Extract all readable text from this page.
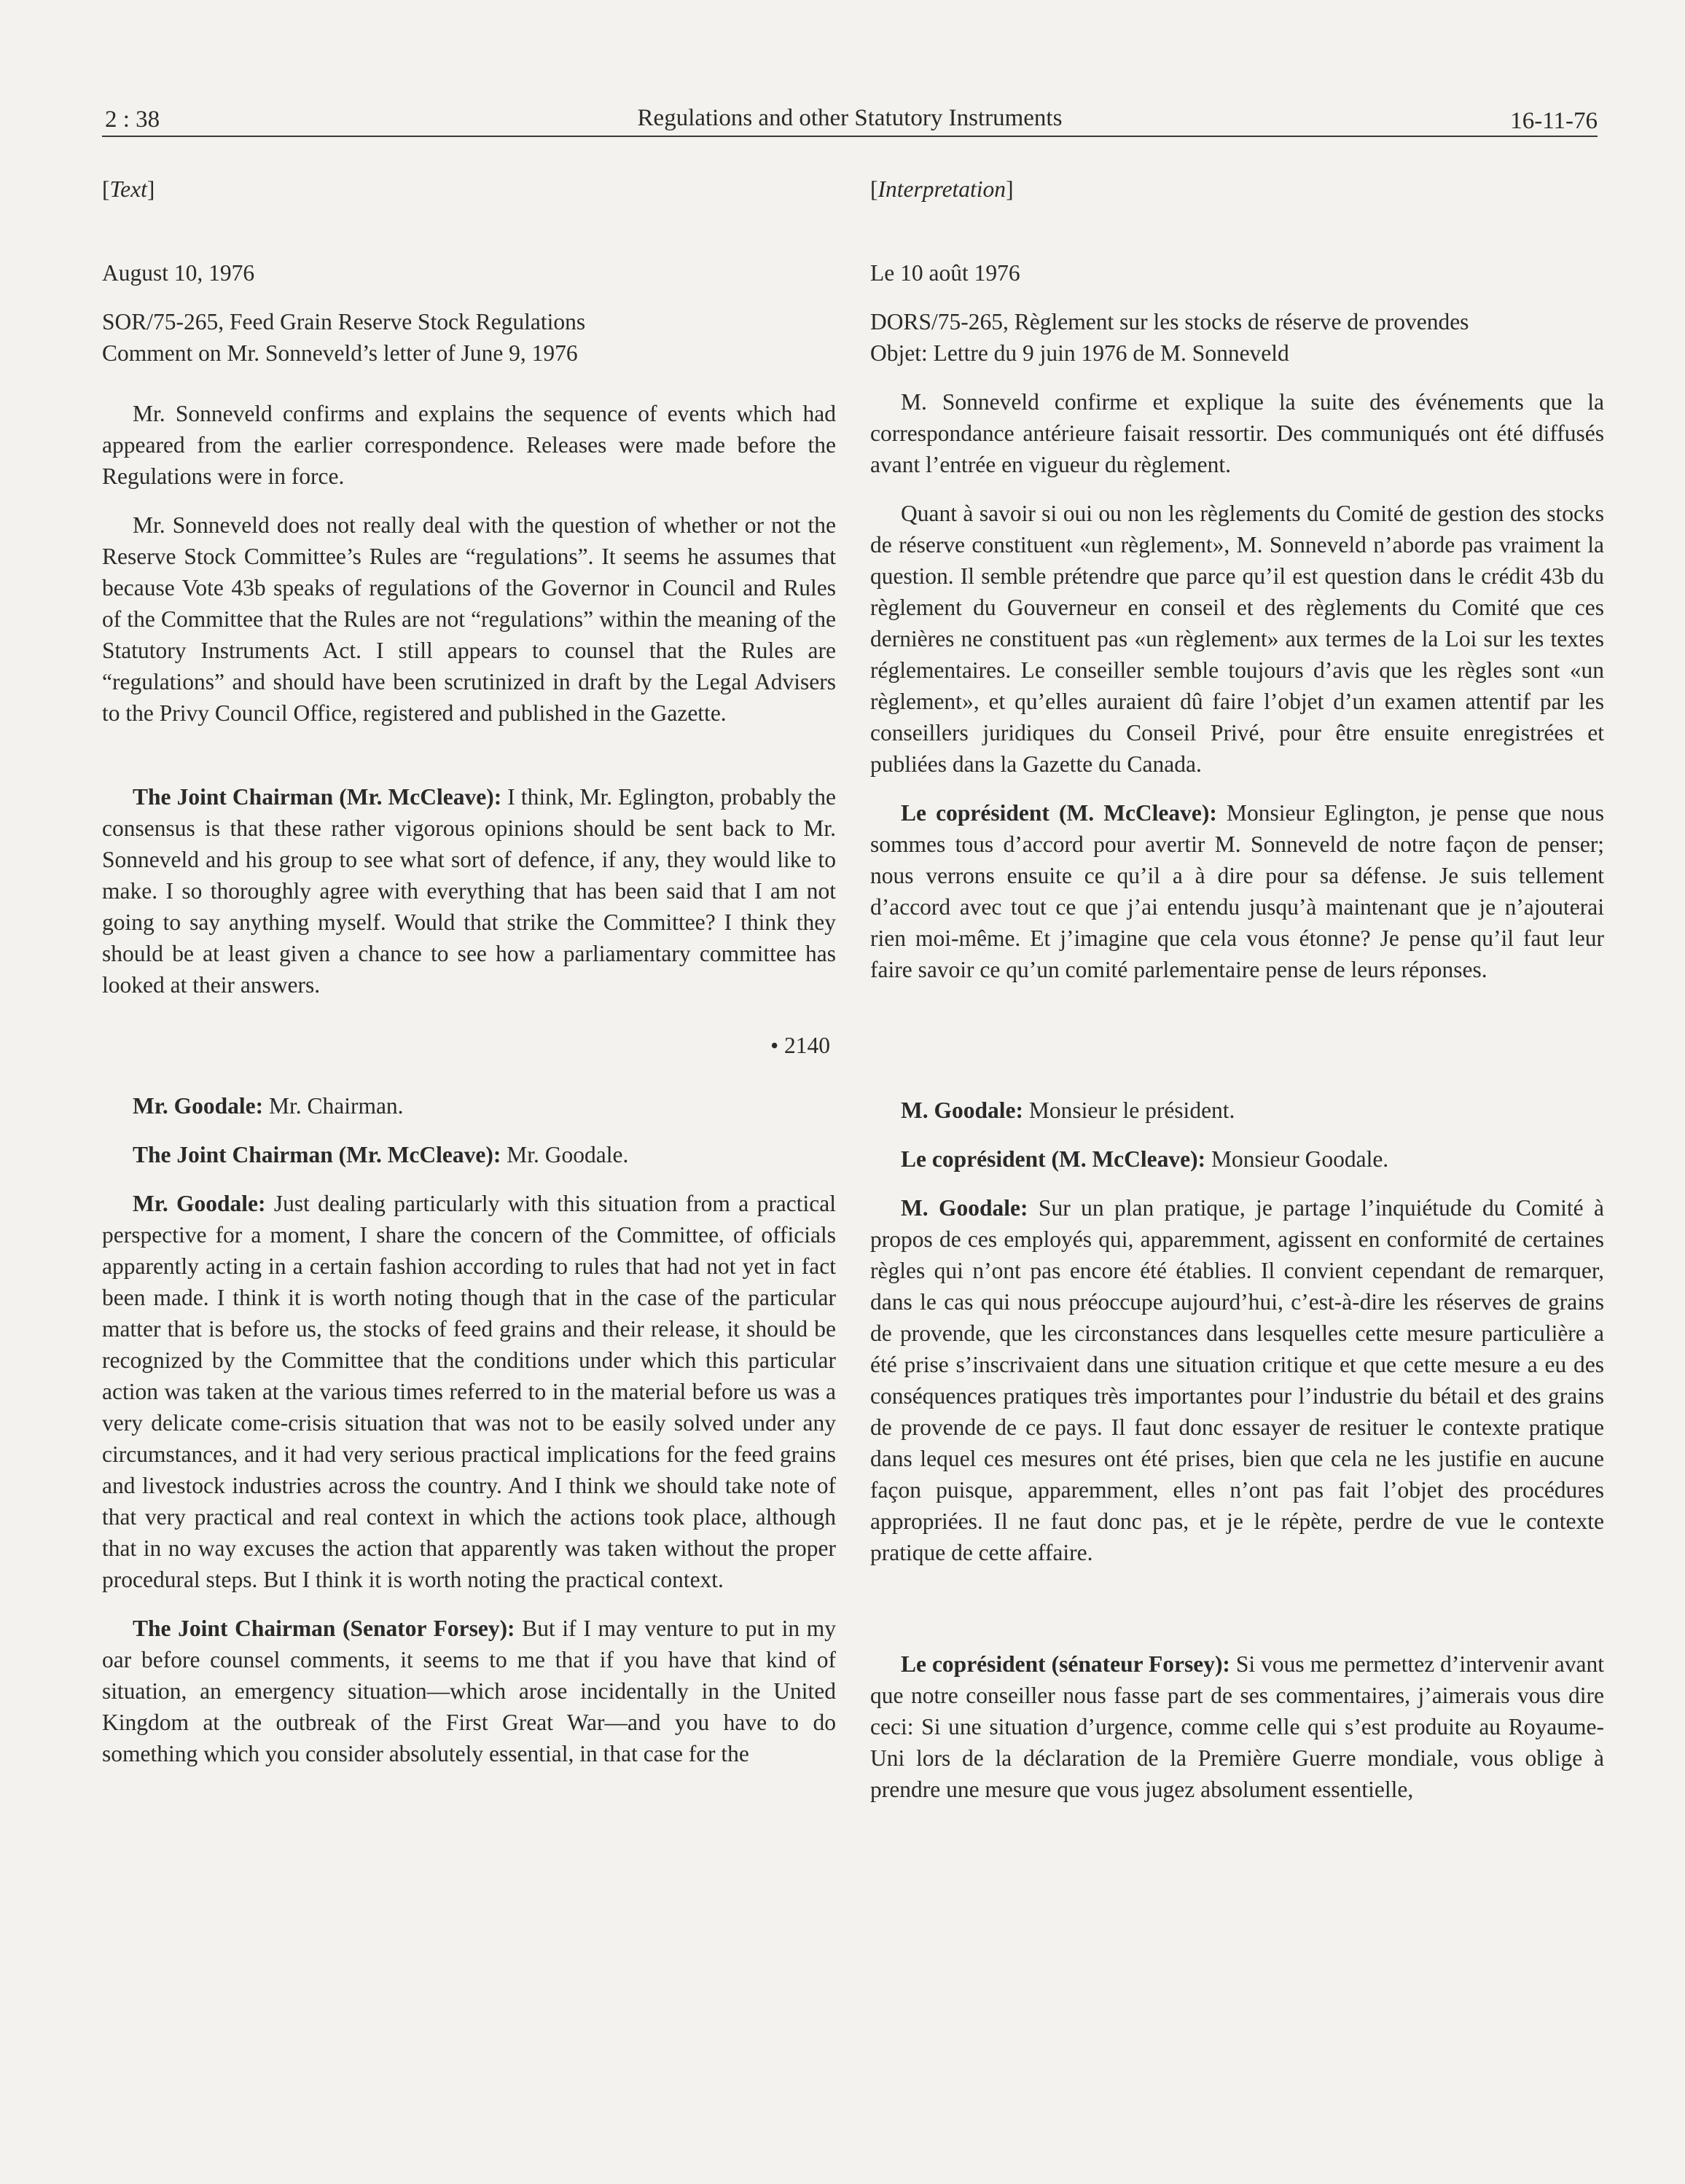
2 : 38	Regulations and other Statutory Instruments	16-11-76

[Text]

August 10, 1976

SOR/75-265, Feed Grain Reserve Stock Regulations

Comment on Mr. Sonneveld’s letter of June 9, 1976

Mr. Sonneveld confirms and explains the sequence of events which had appeared from the earlier correspondence. Releases were made before the Regulations were in force.

Mr. Sonneveld does not really deal with the question of whether or not the Reserve Stock Committee’s Rules are “regulations”. It seems he assumes that because Vote 43b speaks of regulations of the Governor in Council and Rules of the Committee that the Rules are not “regulations” within the meaning of the Statutory Instruments Act. I still appears to counsel that the Rules are “regulations” and should have been scrutinized in draft by the Legal Advisers to the Privy Council Office, registered and published in the Gazette.

The Joint Chairman (Mr. McCleave): I think, Mr. Eglington, probably the consensus is that these rather vigorous opinions should be sent back to Mr. Sonneveld and his group to see what sort of defence, if any, they would like to make. I so thoroughly agree with everything that has been said that I am not going to say anything myself. Would that strike the Committee? I think they should be at least given a chance to see how a parliamentary committee has looked at their answers.

• 2140

Mr. Goodale: Mr. Chairman.

The Joint Chairman (Mr. McCleave): Mr. Goodale.

Mr. Goodale: Just dealing particularly with this situation from a practical perspective for a moment, I share the concern of the Committee, of officials apparently acting in a certain fashion according to rules that had not yet in fact been made. I think it is worth noting though that in the case of the particular matter that is before us, the stocks of feed grains and their release, it should be recognized by the Committee that the conditions under which this particular action was taken at the various times referred to in the material before us was a very delicate come-crisis situation that was not to be easily solved under any circumstances, and it had very serious practical implications for the feed grains and livestock industries across the country. And I think we should take note of that very practical and real context in which the actions took place, although that in no way excuses the action that apparently was taken without the proper procedural steps. But I think it is worth noting the practical context.

The Joint Chairman (Senator Forsey): But if I may venture to put in my oar before counsel comments, it seems to me that if you have that kind of situation, an emergency situation—which arose incidentally in the United Kingdom at the outbreak of the First Great War—and you have to do something which you consider absolutely essential, in that case for the

[Interpretation]

Le 10 août 1976

DORS/75-265, Règlement sur les stocks de réserve de provendes

Objet: Lettre du 9 juin 1976 de M. Sonneveld

M. Sonneveld confirme et explique la suite des événements que la correspondance antérieure faisait ressortir. Des communiqués ont été diffusés avant l’entrée en vigueur du règlement.

Quant à savoir si oui ou non les règlements du Comité de gestion des stocks de réserve constituent «un règlement», M. Sonneveld n’aborde pas vraiment la question. Il semble prétendre que parce qu’il est question dans le crédit 43b du règlement du Gouverneur en conseil et des règlements du Comité que ces dernières ne constituent pas «un règlement» aux termes de la Loi sur les textes réglementaires. Le conseiller semble toujours d’avis que les règles sont «un règlement», et qu’elles auraient dû faire l’objet d’un examen attentif par les conseillers juridiques du Conseil Privé, pour être ensuite enregistrées et publiées dans la Gazette du Canada.

Le coprésident (M. McCleave): Monsieur Eglington, je pense que nous sommes tous d’accord pour avertir M. Sonneveld de notre façon de penser; nous verrons ensuite ce qu’il a à dire pour sa défense. Je suis tellement d’accord avec tout ce que j’ai entendu jusqu’à maintenant que je n’ajouterai rien moi-même. Et j’imagine que cela vous étonne? Je pense qu’il faut leur faire savoir ce qu’un comité parlementaire pense de leurs réponses.

M. Goodale: Monsieur le président.

Le coprésident (M. McCleave): Monsieur Goodale.

M. Goodale: Sur un plan pratique, je partage l’inquiétude du Comité à propos de ces employés qui, apparemment, agissent en conformité de certaines règles qui n’ont pas encore été établies. Il convient cependant de remarquer, dans le cas qui nous préoccupe aujourd’hui, c’est-à-dire les réserves de grains de provende, que les circonstances dans lesquelles cette mesure particulière a été prise s’inscrivaient dans une situation critique et que cette mesure a eu des conséquences pratiques très importantes pour l’industrie du bétail et des grains de provende de ce pays. Il faut donc essayer de resituer le contexte pratique dans lequel ces mesures ont été prises, bien que cela ne les justifie en aucune façon puisque, apparemment, elles n’ont pas fait l’objet des procédures appropriées. Il ne faut donc pas, et je le répète, perdre de vue le contexte pratique de cette affaire.

Le coprésident (sénateur Forsey): Si vous me permettez d’intervenir avant que notre conseiller nous fasse part de ses commentaires, j’aimerais vous dire ceci: Si une situation d’urgence, comme celle qui s’est produite au Royaume-Uni lors de la déclaration de la Première Guerre mondiale, vous oblige à prendre une mesure que vous jugez absolument essentielle,
